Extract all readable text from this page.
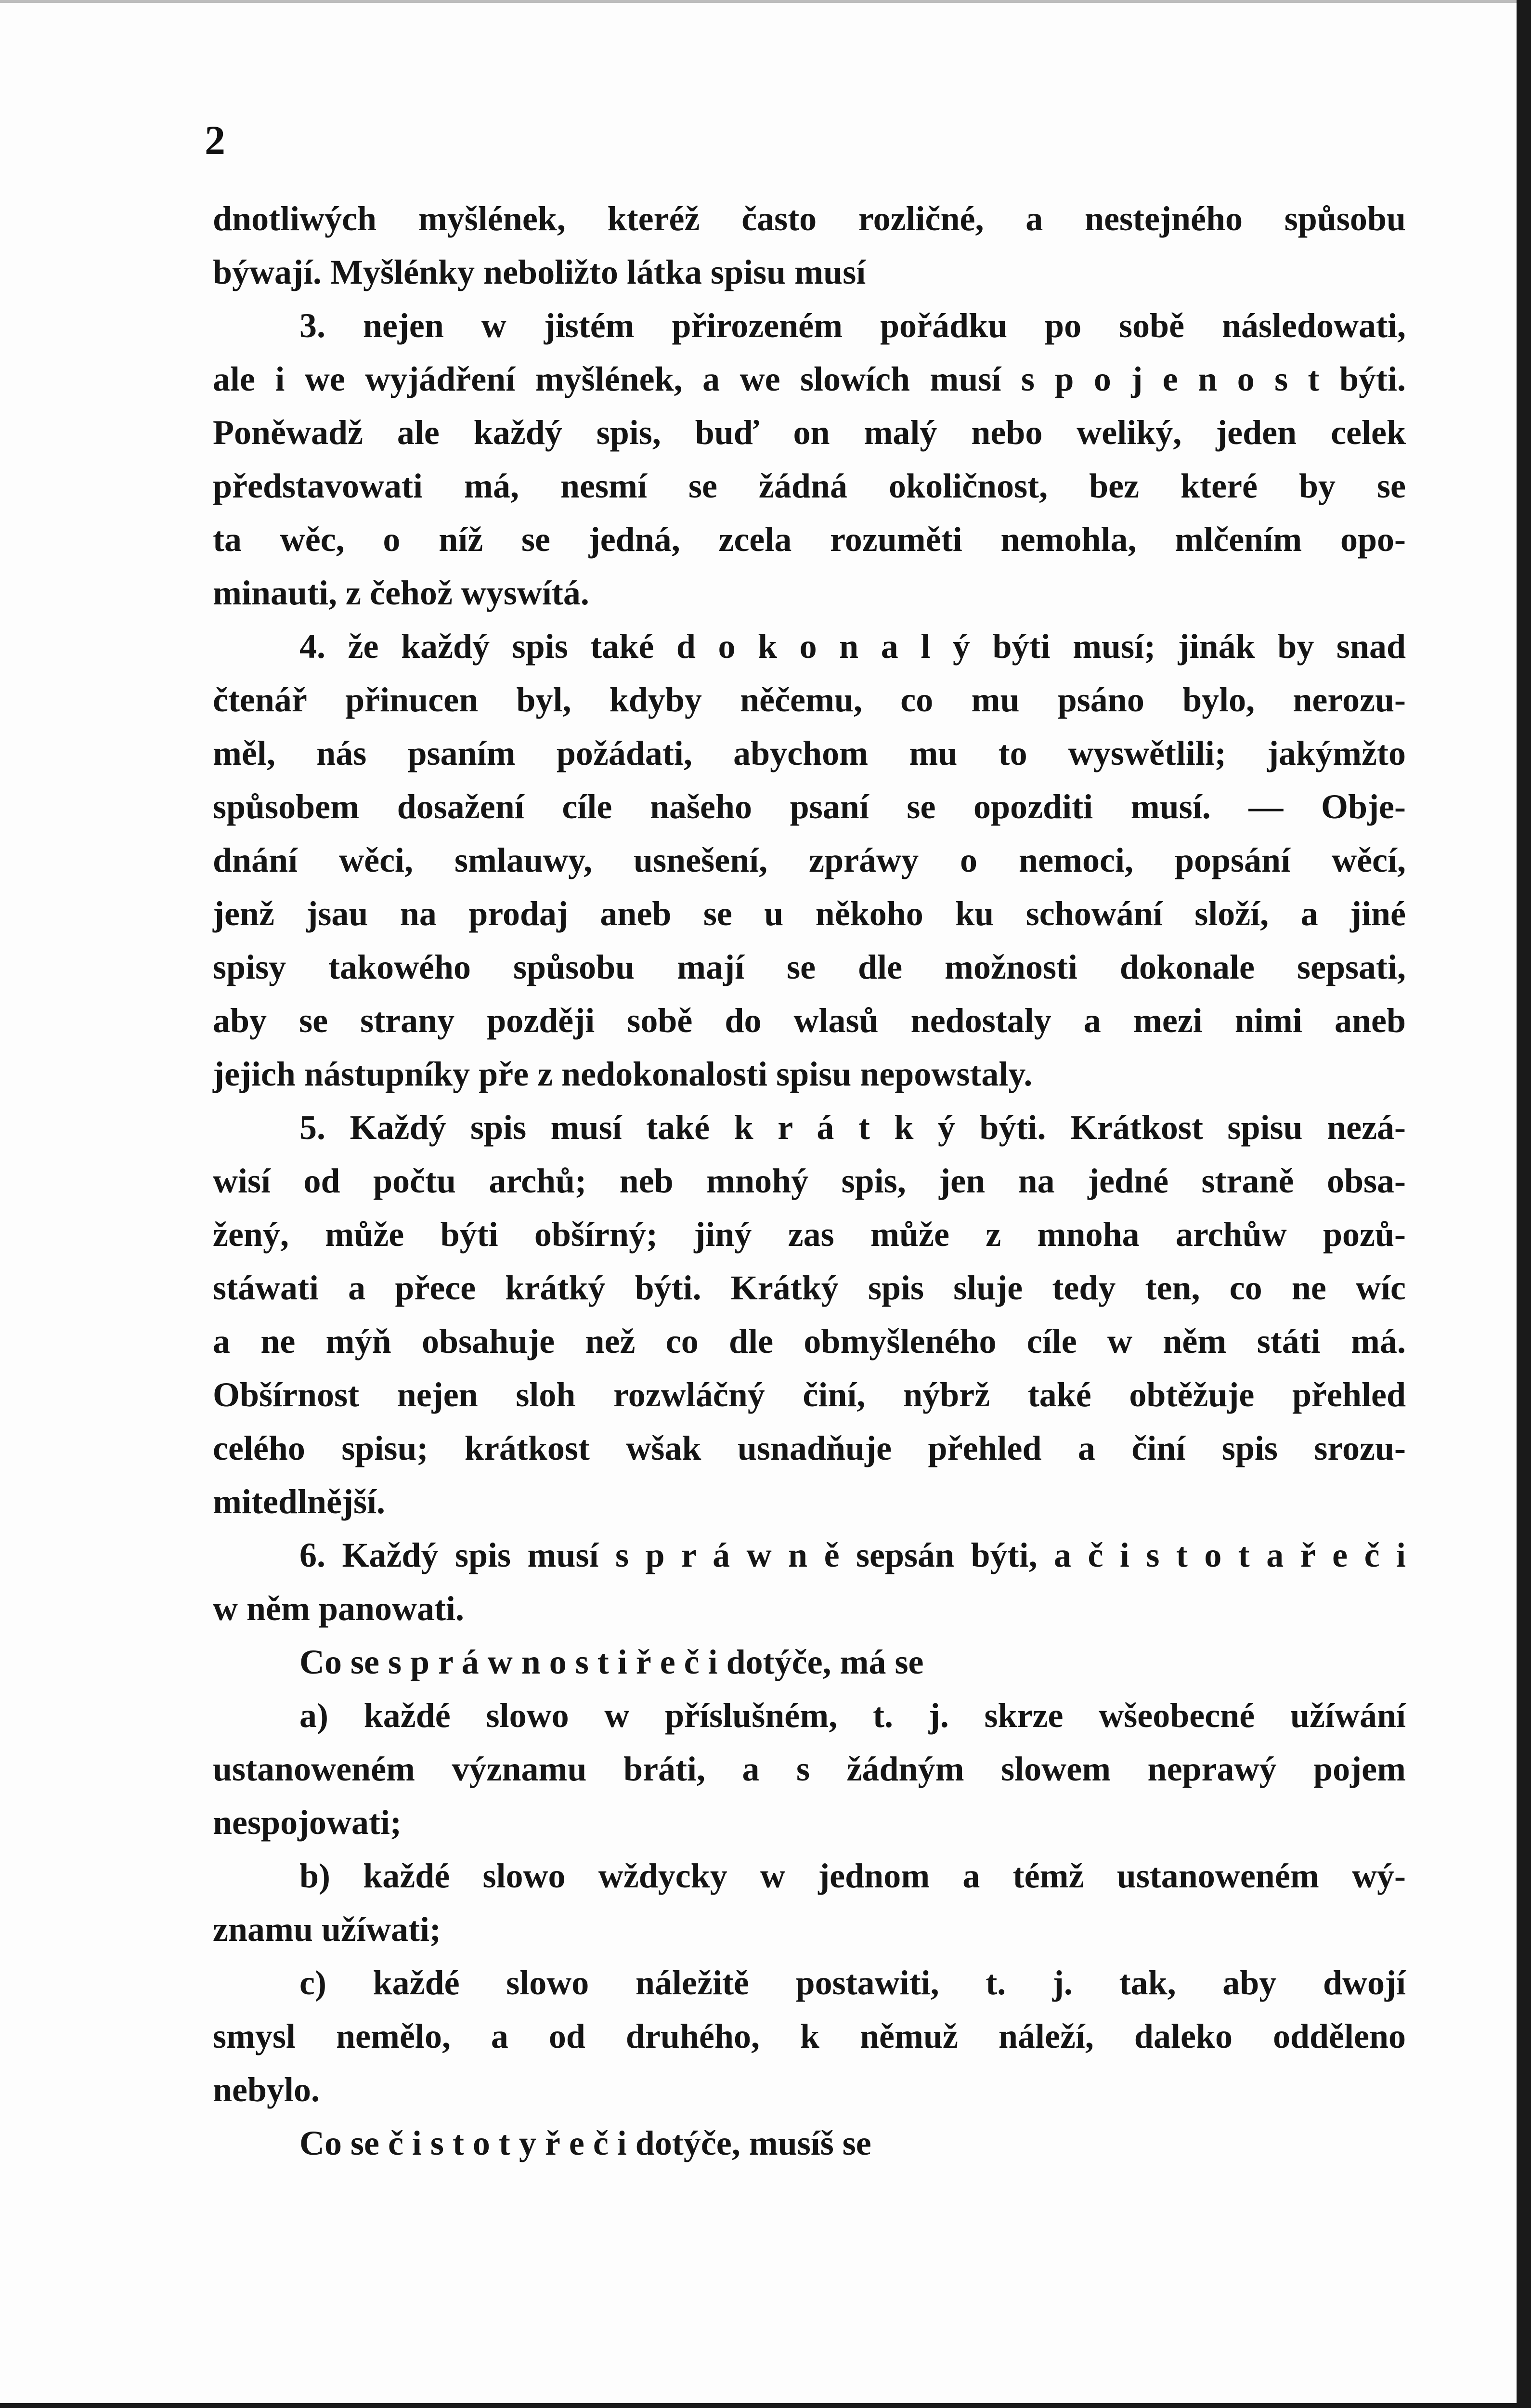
2
dnotliwých myšlének, kteréž často rozličné, a nestejného spůsobu
býwají. Myšlénky neboližto látka spisu musí
3. nejen w jistém přirozeném pořádku po sobě následowati,
ale i we wyjádření myšlének, a we slowích musí s p o j e n o s t býti.
Poněwadž ale každý spis, buď on malý nebo weliký, jeden celek
představowati má, nesmí se žádná okoličnost, bez které by se
ta wěc, o níž se jedná, zcela rozuměti nemohla, mlčením opo-
minauti, z čehož wyswítá.
4. že každý spis také d o k o n a l ý býti musí; jinák by snad
čtenář přinucen byl, kdyby něčemu, co mu psáno bylo, nerozu-
měl, nás psaním požádati, abychom mu to wyswětlili; jakýmžto
spůsobem dosažení cíle našeho psaní se opozditi musí. — Obje-
dnání wěci, smlauwy, usnešení, zpráwy o nemoci, popsání wěcí,
jenž jsau na prodaj aneb se u někoho ku schowání složí, a jiné
spisy takowého spůsobu mají se dle možnosti dokonale sepsati,
aby se strany později sobě do wlasů nedostaly a mezi nimi aneb
jejich nástupníky pře z nedokonalosti spisu nepowstaly.
5. Každý spis musí také k r á t k ý býti. Krátkost spisu nezá-
wisí od počtu archů; neb mnohý spis, jen na jedné straně obsa-
žený, může býti obšírný; jiný zas může z mnoha archůw pozů-
stáwati a přece krátký býti. Krátký spis sluje tedy ten, co ne wíc
a ne mýň obsahuje než co dle obmyšleného cíle w něm státi má.
Obšírnost nejen sloh rozwláčný činí, nýbrž také obtěžuje přehled
celého spisu; krátkost wšak usnadňuje přehled a činí spis srozu-
mitedlnější.
6. Každý spis musí s p r á w n ě sepsán býti, a č i s t o t a ř e č i
w něm panowati.
Co se s p r á w n o s t i ř e č i dotýče, má se
a) každé slowo w příslušném, t. j. skrze wšeobecné užíwání
ustanoweném významu bráti, a s žádným slowem neprawý pojem
nespojowati;
b) každé slowo wždycky w jednom a témž ustanoweném wý-
znamu užíwati;
c) každé slowo náležitě postawiti, t. j. tak, aby dwojí
smysl nemělo, a od druhého, k němuž náleží, daleko odděleno
nebylo.
Co se č i s t o t y ř e č i dotýče, musíš se
